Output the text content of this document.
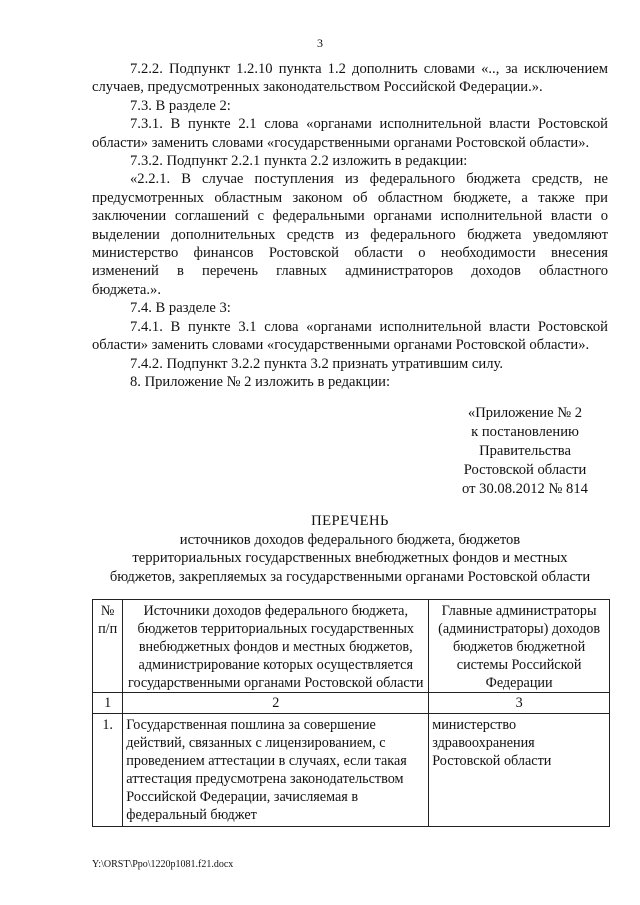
3

7.2.2. Подпункт 1.2.10 пункта 1.2 дополнить словами «.., за исключением случаев, предусмотренных законодательством Российской Федерации.».

7.3. В разделе 2:

7.3.1. В пункте 2.1 слова «органами исполнительной власти Ростовской области» заменить словами «государственными органами Ростовской области».

7.3.2. Подпункт 2.2.1 пункта 2.2 изложить в редакции:

«2.2.1. В случае поступления из федерального бюджета средств, не предусмотренных областным законом об областном бюджете, а также при заключении соглашений с федеральными органами исполнительной власти о выделении дополнительных средств из федерального бюджета уведомляют министерство финансов Ростовской области о необходимости внесения изменений в перечень главных администраторов доходов областного бюджета.».

7.4. В разделе 3:

7.4.1. В пункте 3.1 слова «органами исполнительной власти Ростовской области» заменить словами «государственными органами Ростовской области».

7.4.2. Подпункт 3.2.2 пункта 3.2 признать утратившим силу.

8. Приложение № 2 изложить в редакции:

«Приложение № 2
к постановлению
Правительства
Ростовской области
от 30.08.2012 № 814
ПЕРЕЧЕНЬ
источников доходов федерального бюджета, бюджетов
территориальных государственных внебюджетных фондов и местных
бюджетов, закрепляемых за государственными органами Ростовской области
№ п/п	Источники доходов федерального бюджета, бюджетов территориальных государственных внебюджетных фондов и местных бюджетов, администрирование которых осуществляется государственными органами Ростовской области	Главные администраторы (администраторы) доходов бюджетов бюджетной системы Российской Федерации
1	2	3
1.	Государственная пошлина за совершение действий, связанных с лицензированием, с проведением аттестации в случаях, если такая аттестация предусмотрена законодательством Российской Федерации, зачисляемая в федеральный бюджет	министерство здравоохранения Ростовской области
Y:\ORST\Ppo\1220p1081.f21.docx
